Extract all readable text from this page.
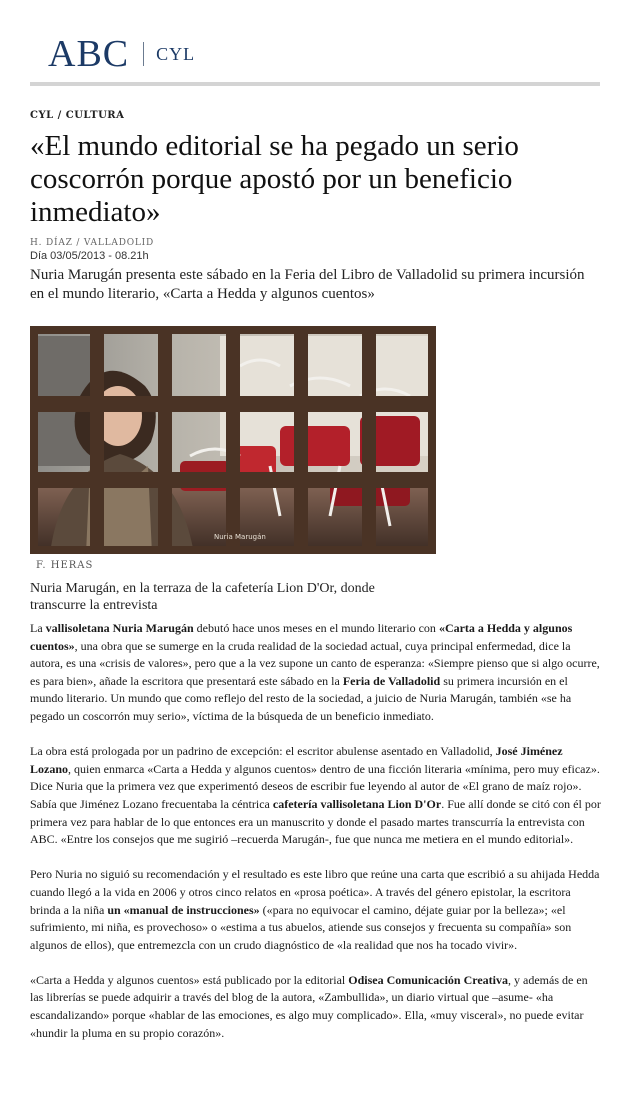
ABC CYL
CYL / CULTURA
«El mundo editorial se ha pegado un serio coscorrón porque apostó por un beneficio inmediato»
H. DÍAZ / VALLADOLID
Día 03/05/2013 - 08.21h

Nuria Marugán presenta este sábado en la Feria del Libro de Valladolid su primera incursión en el mundo literario, «Carta a Hedda y algunos cuentos»

Nuria Marugán
F. HERAS

Nuria Marugán, en la terraza de la cafetería Lion D'Or, donde transcurre la entrevista

La vallisoletana Nuria Marugán debutó hace unos meses en el mundo literario con «Carta a Hedda y algunos cuentos», una obra que se sumerge en la cruda realidad de la sociedad actual, cuya principal enfermedad, dice la autora, es una «crisis de valores», pero que a la vez supone un canto de esperanza: «Siempre pienso que si algo ocurre, es para bien», añade la escritora que presentará este sábado en la Feria de Valladolid su primera incursión en el mundo literario. Un mundo que como reflejo del resto de la sociedad, a juicio de Nuria Marugán, también «se ha pegado un coscorrón muy serio», víctima de la búsqueda de un beneficio inmediato.

La obra está prologada por un padrino de excepción: el escritor abulense asentado en Valladolid, José Jiménez Lozano, quien enmarca «Carta a Hedda y algunos cuentos» dentro de una ficción literaria «mínima, pero muy eficaz». Dice Nuria que la primera vez que experimentó deseos de escribir fue leyendo al autor de «El grano de maíz rojo». Sabía que Jiménez Lozano frecuentaba la céntrica cafetería vallisoletana Lion D'Or. Fue allí donde se citó con él por primera vez para hablar de lo que entonces era un manuscrito y donde el pasado martes transcurría la entrevista con ABC. «Entre los consejos que me sugirió –recuerda Marugán-, fue que nunca me metiera en el mundo editorial».

Pero Nuria no siguió su recomendación y el resultado es este libro que reúne una carta que escribió a su ahijada Hedda cuando llegó a la vida en 2006 y otros cinco relatos en «prosa poética». A través del género epistolar, la escritora brinda a la niña un «manual de instrucciones» («para no equivocar el camino, déjate guiar por la belleza»; «el sufrimiento, mi niña, es provechoso» o «estima a tus abuelos, atiende sus consejos y frecuenta su compañía» son algunos de ellos), que entremezcla con un crudo diagnóstico de «la realidad que nos ha tocado vivir».

«Carta a Hedda y algunos cuentos» está publicado por la editorial Odisea Comunicación Creativa, y además de en las librerías se puede adquirir a través del blog de la autora, «Zambullida», un diario virtual que –asume- «ha escandalizando» porque «hablar de las emociones, es algo muy complicado». Ella, «muy visceral», no puede evitar «hundir la pluma en su propio corazón».
